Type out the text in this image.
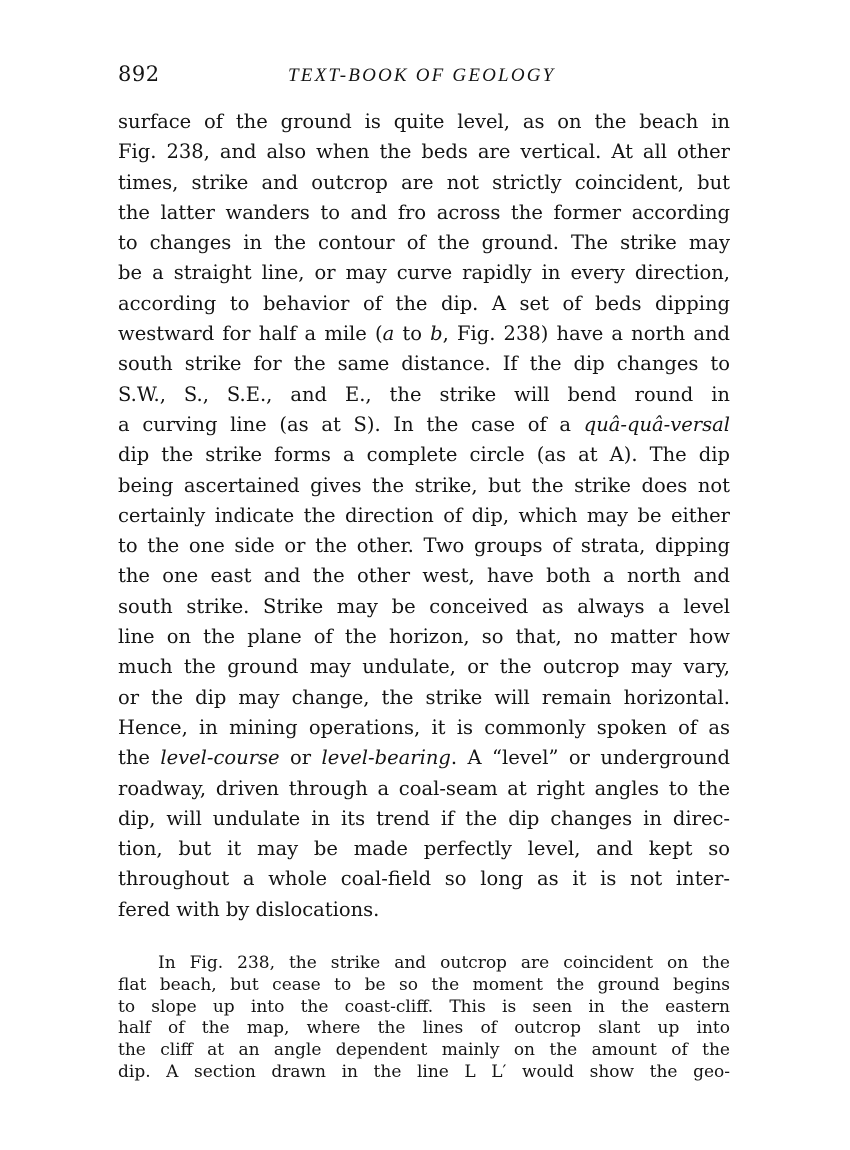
892	TEXT-BOOK OF GEOLOGY
surface of the ground is quite level, as on the beach in
Fig. 238, and also when the beds are vertical. At all other
times, strike and outcrop are not strictly coincident, but
the latter wanders to and fro across the former according
to changes in the contour of the ground. The strike may
be a straight line, or may curve rapidly in every direction,
according to behavior of the dip. A set of beds dipping
westward for half a mile (a to b, Fig. 238) have a north and
south strike for the same distance. If the dip changes to
S.W., S., S.E., and E., the strike will bend round in
a curving line (as at S). In the case of a quâ-quâ-versal
dip the strike forms a complete circle (as at A). The dip
being ascertained gives the strike, but the strike does not
certainly indicate the direction of dip, which may be either
to the one side or the other. Two groups of strata, dipping
the one east and the other west, have both a north and
south strike. Strike may be conceived as always a level
line on the plane of the horizon, so that, no matter how
much the ground may undulate, or the outcrop may vary,
or the dip may change, the strike will remain horizontal.
Hence, in mining operations, it is commonly spoken of as
the level-course or level-bearing. A “level” or underground
roadway, driven through a coal-seam at right angles to the
dip, will undulate in its trend if the dip changes in direc-
tion, but it may be made perfectly level, and kept so
throughout a whole coal-field so long as it is not inter-
fered with by dislocations.
In Fig. 238, the strike and outcrop are coincident on the
flat beach, but cease to be so the moment the ground begins
to slope up into the coast-cliff. This is seen in the eastern
half of the map, where the lines of outcrop slant up into
the cliff at an angle dependent mainly on the amount of the
dip. A section drawn in the line L L′ would show the geo-
